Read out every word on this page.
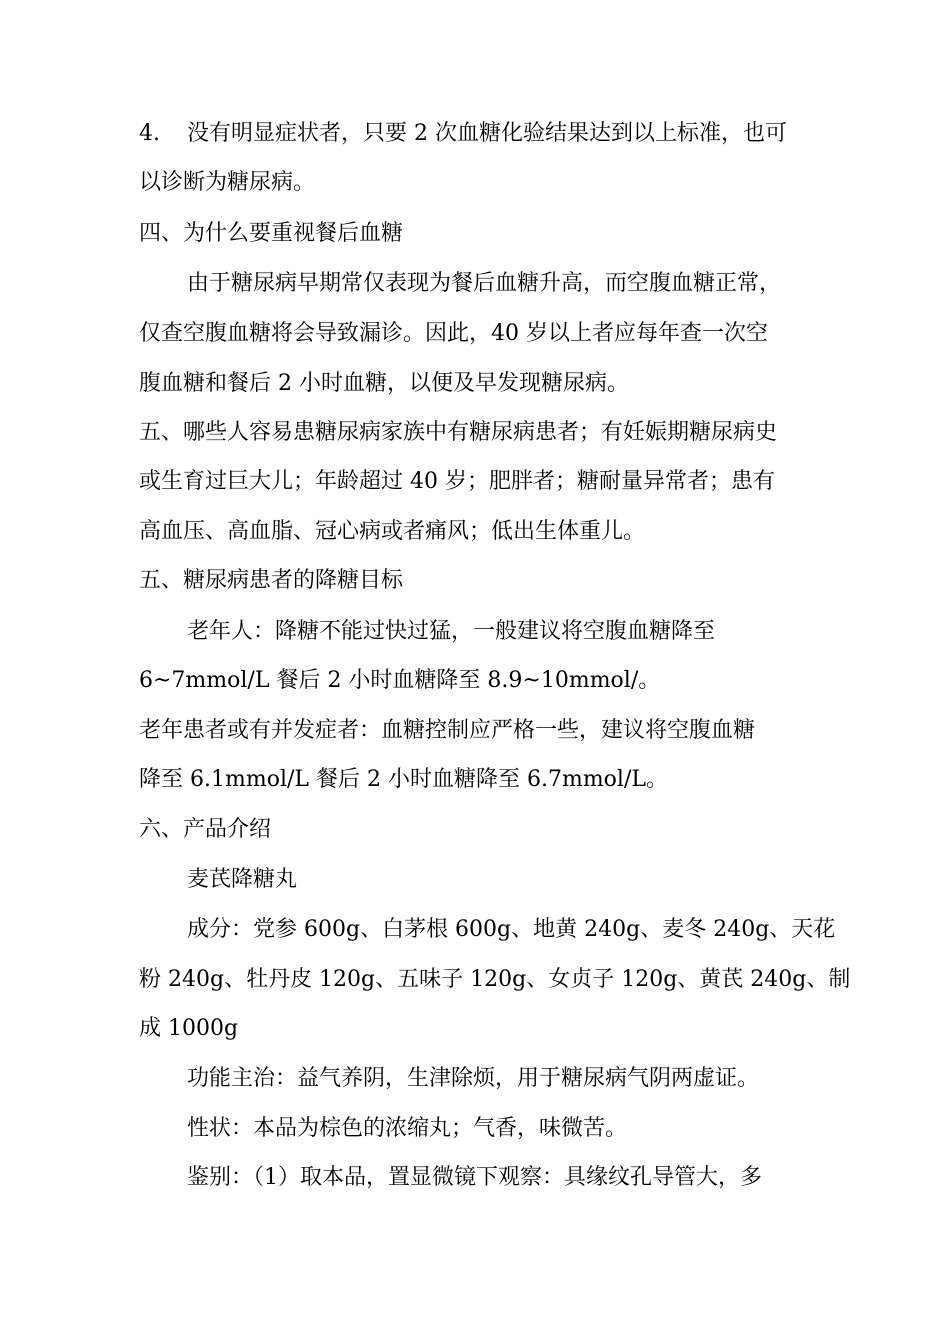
4. 没有明显症状者，只要 2 次血糖化验结果达到以上标准，也可
以诊断为糖尿病。
四、为什么要重视餐后血糖
由于糖尿病早期常仅表现为餐后血糖升高，而空腹血糖正常，
仅查空腹血糖将会导致漏诊。因此，40 岁以上者应每年查一次空
腹血糖和餐后 2 小时血糖，以便及早发现糖尿病。
五、哪些人容易患糖尿病家族中有糖尿病患者；有妊娠期糖尿病史
或生育过巨大儿；年龄超过 40 岁；肥胖者；糖耐量异常者；患有
高血压、高血脂、冠心病或者痛风；低出生体重儿。
五、糖尿病患者的降糖目标
老年人：降糖不能过快过猛，一般建议将空腹血糖降至
6~7mmol/L 餐后 2 小时血糖降至 8.9~10mmol/。
老年患者或有并发症者：血糖控制应严格一些，建议将空腹血糖
降至 6.1mmol/L 餐后 2 小时血糖降至 6.7mmol/L。
六、产品介绍
麦芪降糖丸
成分：党参 600g、白茅根 600g、地黄 240g、麦冬 240g、天花
粉 240g、牡丹皮 120g、五味子 120g、女贞子 120g、黄芪 240g、制
成 1000g
功能主治：益气养阴，生津除烦，用于糖尿病气阴两虚证。
性状：本品为棕色的浓缩丸；气香，味微苦。
鉴别：（1）取本品，置显微镜下观察：具缘纹孔导管大，多
